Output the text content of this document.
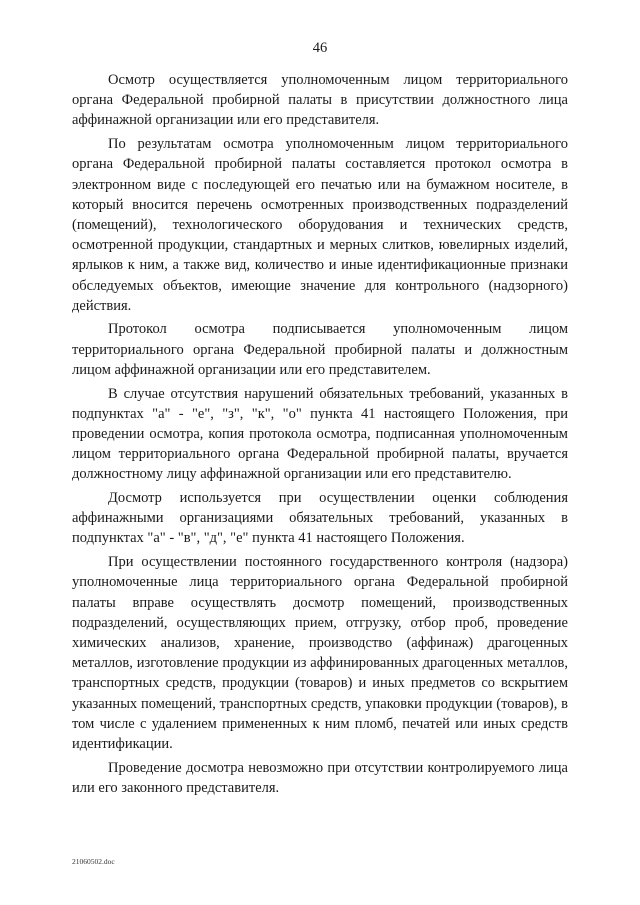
46

Осмотр осуществляется уполномоченным лицом территориального органа Федеральной пробирной палаты в присутствии должностного лица аффинажной организации или его представителя.

По результатам осмотра уполномоченным лицом территориального органа Федеральной пробирной палаты составляется протокол осмотра в электронном виде с последующей его печатью или на бумажном носителе, в который вносится перечень осмотренных производственных подразделений (помещений), технологического оборудования и технических средств, осмотренной продукции, стандартных и мерных слитков, ювелирных изделий, ярлыков к ним, а также вид, количество и иные идентификационные признаки обследуемых объектов, имеющие значение для контрольного (надзорного) действия.

Протокол осмотра подписывается уполномоченным лицом территориального органа Федеральной пробирной палаты и должностным лицом аффинажной организации или его представителем.

В случае отсутствия нарушений обязательных требований, указанных в подпунктах "а" - "е", "з", "к", "о" пункта 41 настоящего Положения, при проведении осмотра, копия протокола осмотра, подписанная уполномоченным лицом территориального органа Федеральной пробирной палаты, вручается должностному лицу аффинажной организации или его представителю.

Досмотр используется при осуществлении оценки соблюдения аффинажными организациями обязательных требований, указанных в подпунктах "а" - "в", "д", "е" пункта 41 настоящего Положения.

При осуществлении постоянного государственного контроля (надзора) уполномоченные лица территориального органа Федеральной пробирной палаты вправе осуществлять досмотр помещений, производственных подразделений, осуществляющих прием, отгрузку, отбор проб, проведение химических анализов, хранение, производство (аффинаж) драгоценных металлов, изготовление продукции из аффинированных драгоценных металлов, транспортных средств, продукции (товаров) и иных предметов со вскрытием указанных помещений, транспортных средств, упаковки продукции (товаров), в том числе с удалением примененных к ним пломб, печатей или иных средств идентификации.

Проведение досмотра невозможно при отсутствии контролируемого лица или его законного представителя.

21060502.doc
